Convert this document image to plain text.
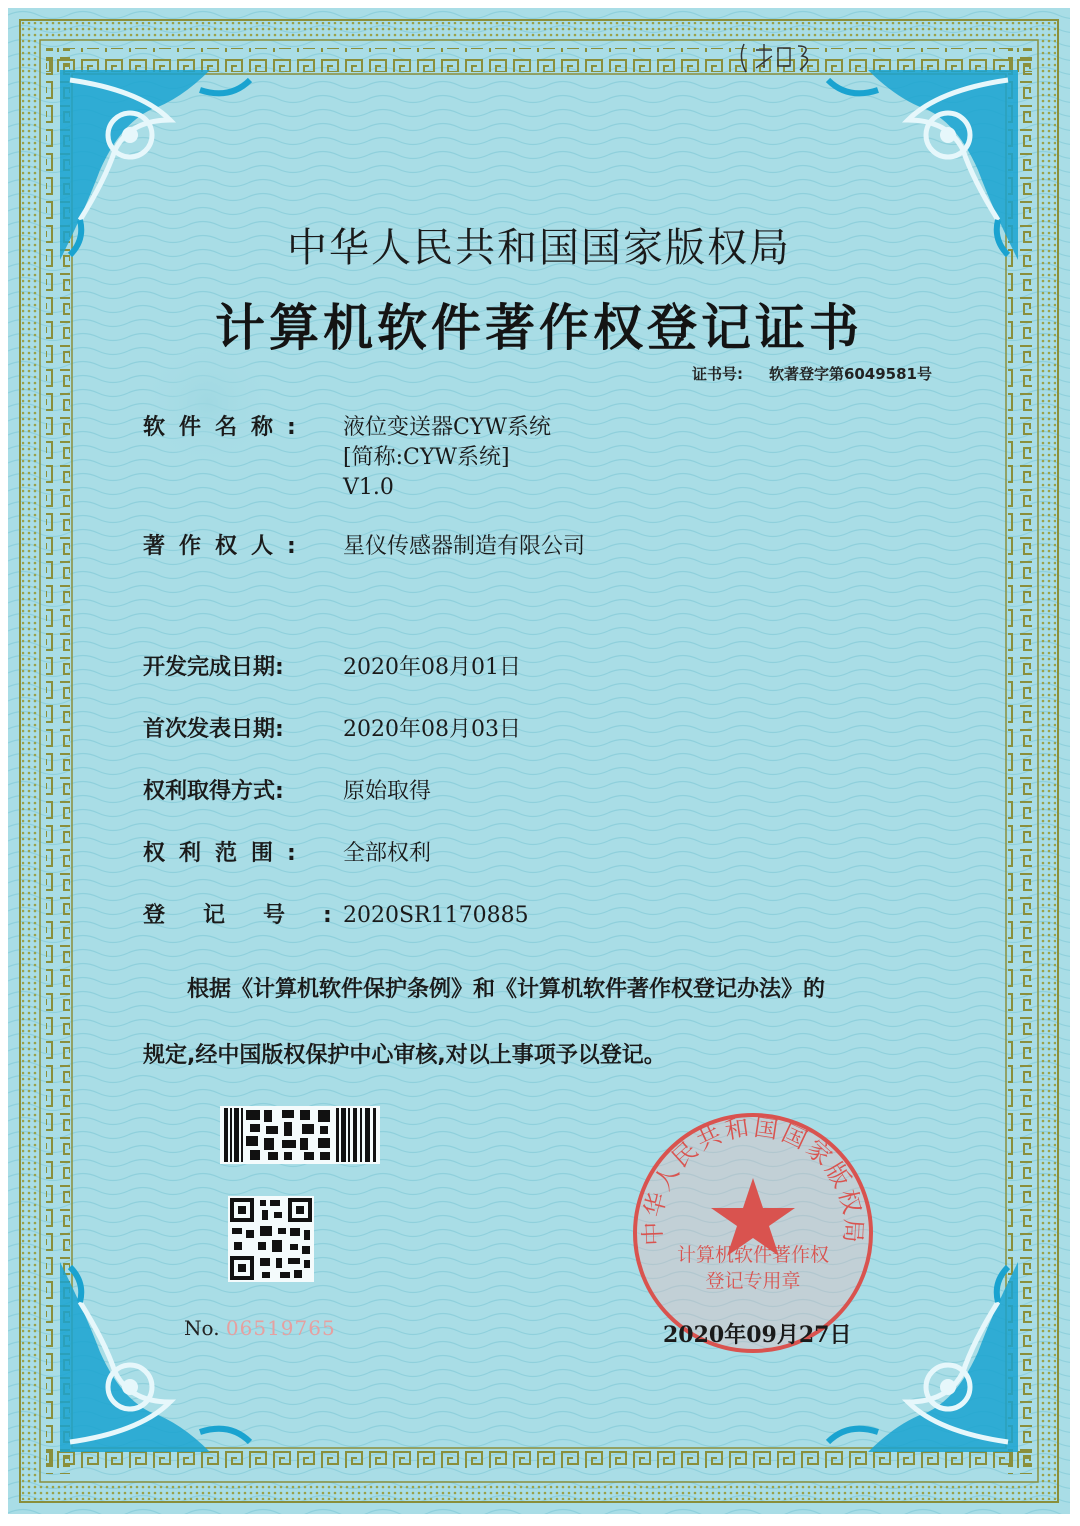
中华人民共和国国家版权局
计算机软件著作权登记证书
证书号: 软著登字第6049581号
软件名称:	液位变送器CYW系统
[简称:CYW系统]
V1.0
著作权人:	星仪传感器制造有限公司
开发完成日期:	2020年08月01日
首次发表日期:	2020年08月03日
权利取得方式:	原始取得
权利范围:	全部权利
登记号:
2020SR1170885
根据《计算机软件保护条例》和《计算机软件著作权登记办法》的
规定,经中国版权保护中心审核,对以上事项予以登记。
No. 06519765
中华人民共和国国家版权局
计算机软件著作权
登记专用章
2020年09月27日
